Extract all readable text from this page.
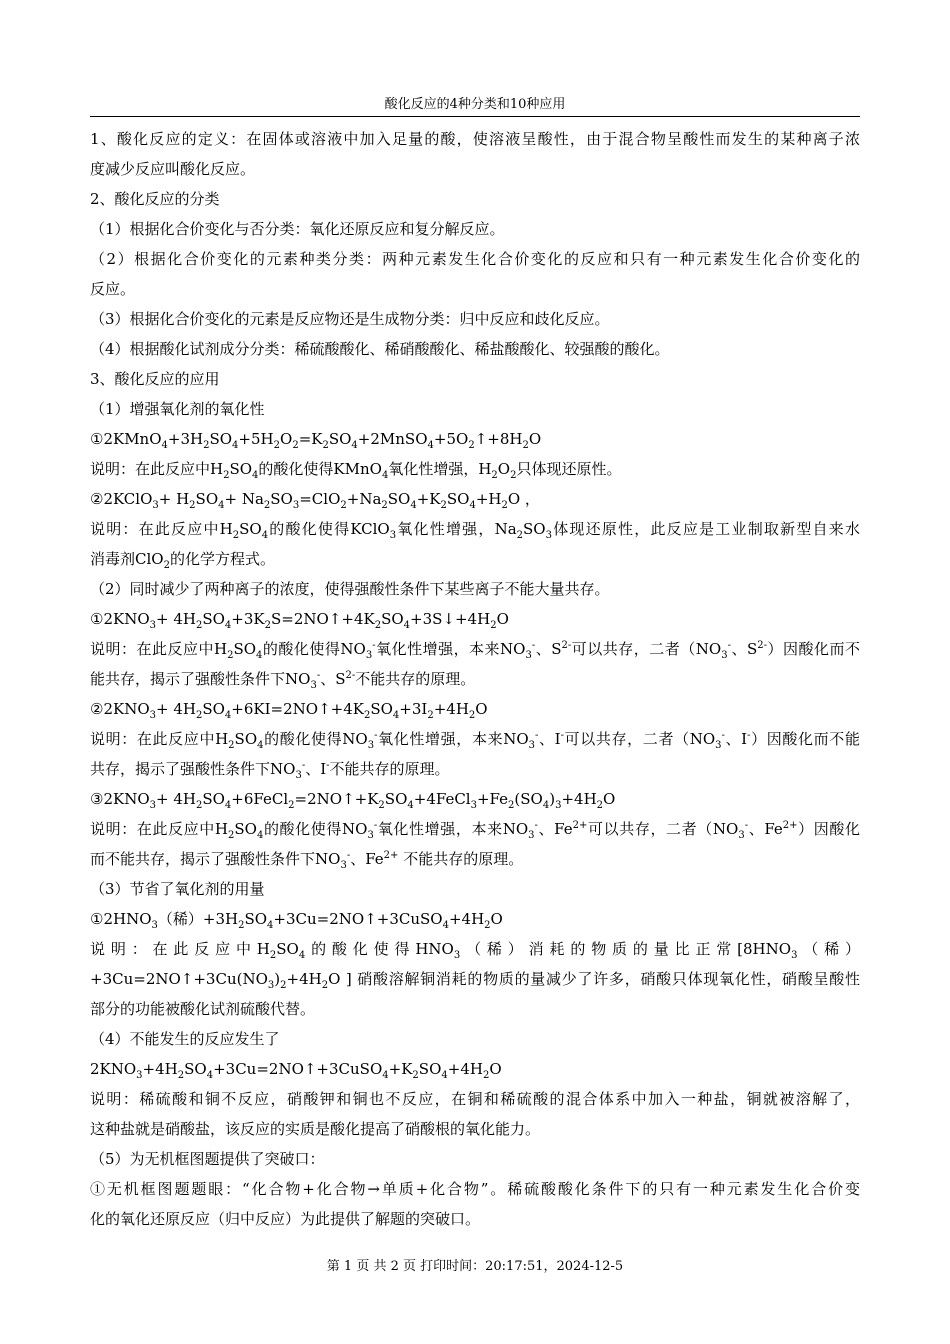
酸化反应的4种分类和10种应用
1、酸化反应的定义：在固体或溶液中加入足量的酸，使溶液呈酸性，由于混合物呈酸性而发生的某种离子浓
度减少反应叫酸化反应。
2、酸化反应的分类
（1）根据化合价变化与否分类：氧化还原反应和复分解反应。
（2）根据化合价变化的元素种类分类：两种元素发生化合价变化的反应和只有一种元素发生化合价变化的
反应。
（3）根据化合价变化的元素是反应物还是生成物分类：归中反应和歧化反应。
（4）根据酸化试剂成分分类：稀硫酸酸化、稀硝酸酸化、稀盐酸酸化、较强酸的酸化。
3、酸化反应的应用
（1）增强氧化剂的氧化性
$①2KMnO_4+3H_2SO_4+5H_2O_2=K_2SO_4+2MnSO_4+5O_2↑+8H_2O$
说明：在此反应中$H_2SO_4$的酸化使得KMnO$_4$氧化性增强，$H_2O_2$只体现还原性。
②2KClO$_3$+ $H_2SO_4+ Na_2SO_3=ClO_2+Na_2SO_4+K_2SO_4+H_2O$ ，
说明：在此反应中$H_2SO_4$的酸化使得KClO$_3$氧化性增强，$Na_2SO_3$体现还原性，此反应是工业制取新型自来水
消毒剂ClO$_2$的化学方程式。
（2）同时减少了两种离子的浓度，使得强酸性条件下某些离子不能大量共存。
$①2KNO_3+$ $4H_2SO_4+3K_2S=2NO↑+4K_2SO_4+3S↓+4H_2O$
说明：在此反应中$H_2SO_4$的酸化使得$NO_3^-$氧化性增强，本来$NO_3^-$、$S^{2-}$可以共存，二者（$NO_3^-$、$S^{2-}$）因酸化而不
能共存，揭示了强酸性条件下$NO_3^-$、$S^{2-}$不能共存的原理。
$②2KNO_3+$ $4H_2SO_4+6KI=2NO↑+4K_2SO_4+3I_2+4H_2O$
说明：在此反应中$H_2SO_4$的酸化使得$NO_3^-$氧化性增强，本来$NO_3^-$、I-可以共存，二者（$NO_3^-$、I-）因酸化而不能
共存，揭示了强酸性条件下$NO_3^-$、I-不能共存的原理。
$③2KNO_3+$ $4H_2SO_4+6FeCl_2=2NO↑+K_2SO_4+4FeCl_3+Fe_2(SO_4)_3+4H_2O$
说明：在此反应中$H_2SO_4$的酸化使得$NO_3^-$氧化性增强，本来$NO_3^-$、$Fe^{2+}$可以共存，二者（$NO_3^-$、$Fe^{2+}$）因酸化
而不能共存，揭示了强酸性条件下$NO_3^-$、$Fe^{2+}$ 不能共存的原理。
（3）节省了氧化剂的用量
$①2HNO_3$（稀）$+3H_2SO_4+3Cu=2NO↑+3CuSO_4+4H_2O$
说明：在此反应中$H_2SO_4$的酸化使得$HNO_3$（稀）消耗的物质的量比正常[$8HNO_3$（稀）
$+3Cu=2NO↑+3Cu(NO_3)_2+4H_2O$ ] 硝酸溶解铜消耗的物质的量减少了许多，硝酸只体现氧化性，硝酸呈酸性
部分的功能被酸化试剂硫酸代替。
（4）不能发生的反应发生了
$2KNO_3+4H_2SO_4+3Cu=2NO↑+3CuSO_4+K_2SO_4+4H_2O$
说明：稀硫酸和铜不反应，硝酸钾和铜也不反应，在铜和稀硫酸的混合体系中加入一种盐，铜就被溶解了，
这种盐就是硝酸盐，该反应的实质是酸化提高了硝酸根的氧化能力。
（5）为无机框图题提供了突破口：
①无机框图题题眼：“化合物+化合物→单质+化合物”。稀硫酸酸化条件下的只有一种元素发生化合价变
化的氧化还原反应（归中反应）为此提供了解题的突破口。
第 1 页 共 2 页 打印时间：20:17:51，2024-12-5
